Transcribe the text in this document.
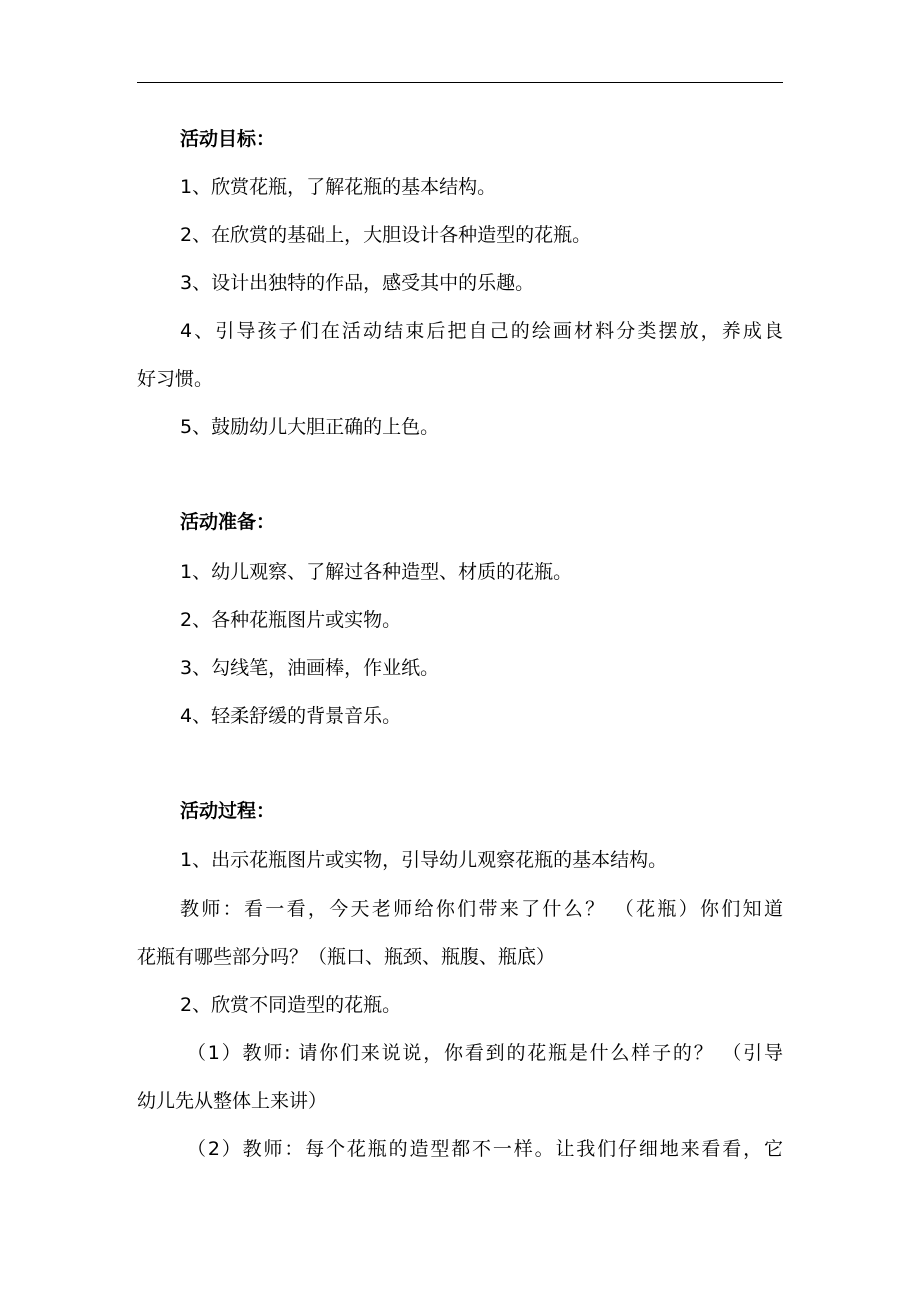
活动目标：
1、欣赏花瓶，了解花瓶的基本结构。
2、在欣赏的基础上，大胆设计各种造型的花瓶。
3、设计出独特的作品，感受其中的乐趣。
4、引导孩子们在活动结束后把自己的绘画材料分类摆放，养成良
好习惯。
5、鼓励幼儿大胆正确的上色。
活动准备：
1、幼儿观察、了解过各种造型、材质的花瓶。
2、各种花瓶图片或实物。
3、勾线笔，油画棒，作业纸。
4、轻柔舒缓的背景音乐。
活动过程：
1、出示花瓶图片或实物，引导幼儿观察花瓶的基本结构。
教师：看一看，今天老师给你们带来了什么？ （花瓶）你们知道
花瓶有哪些部分吗？（瓶口、瓶颈、瓶腹、瓶底）
2、欣赏不同造型的花瓶。
（1）教师: 请你们来说说，你看到的花瓶是什么样子的？ （引导
幼儿先从整体上来讲）
（2）教师：每个花瓶的造型都不一样。让我们仔细地来看看，它
